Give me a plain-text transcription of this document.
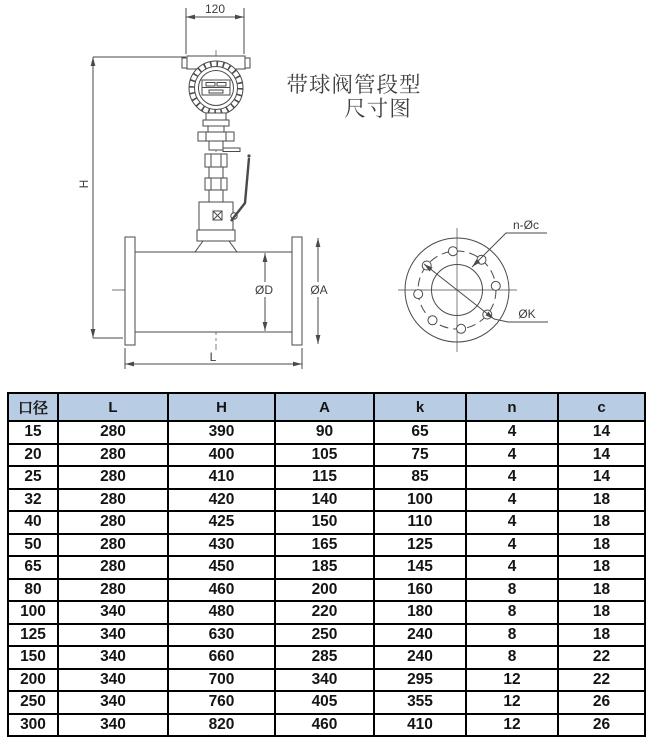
120
H
ØD	ØA
L
带球阀管段型
尺寸图
n-Øc
ØK
口径	L	H	A	k	n	c
15	280	390	90	65	4	14
20	280	400	105	75	4	14
25	280	410	115	85	4	14
32	280	420	140	100	4	18
40	280	425	150	110	4	18
50	280	430	165	125	4	18
65	280	450	185	145	4	18
80	280	460	200	160	8	18
100	340	480	220	180	8	18
125	340	630	250	240	8	18
150	340	660	285	240	8	22
200	340	700	340	295	12	22
250	340	760	405	355	12	26
300	340	820	460	410	12	26
